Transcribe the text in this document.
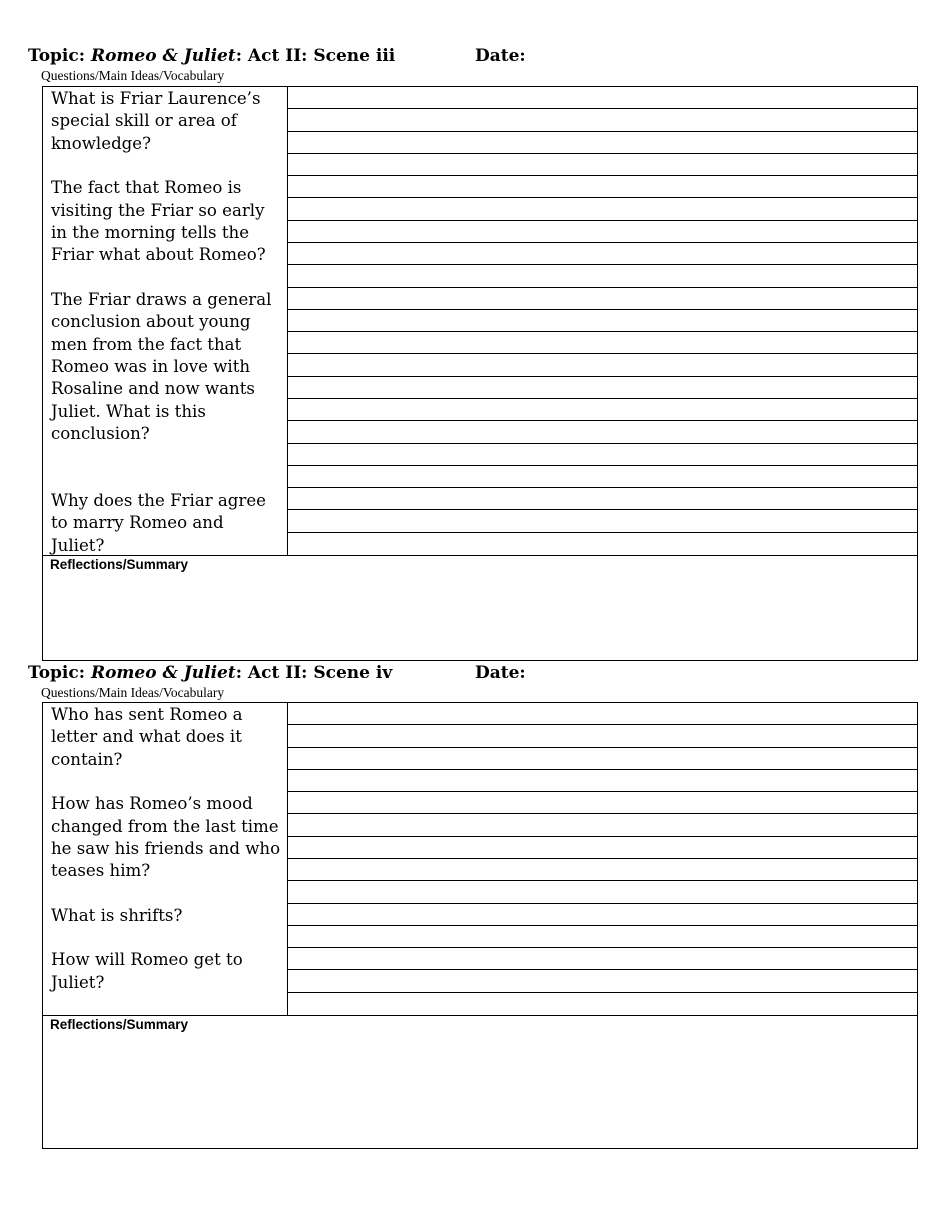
Topic: Romeo & Juliet: Act II: Scene iii	Date:
Questions/Main Ideas/Vocabulary

What is Friar Laurence’s special skill or area of knowledge?

The fact that Romeo is visiting the Friar so early in the morning tells the Friar what about Romeo?

The Friar draws a general conclusion about young men from the fact that Romeo was in love with Rosaline and now wants Juliet. What is this conclusion?

Why does the Friar agree to marry Romeo and Juliet?

Reflections/Summary
Topic: Romeo & Juliet: Act II: Scene iv	Date:
Questions/Main Ideas/Vocabulary

Who has sent Romeo a letter and what does it contain?

How has Romeo’s mood changed from the last time he saw his friends and who teases him?

What is shrifts?

How will Romeo get to Juliet?

Reflections/Summary
